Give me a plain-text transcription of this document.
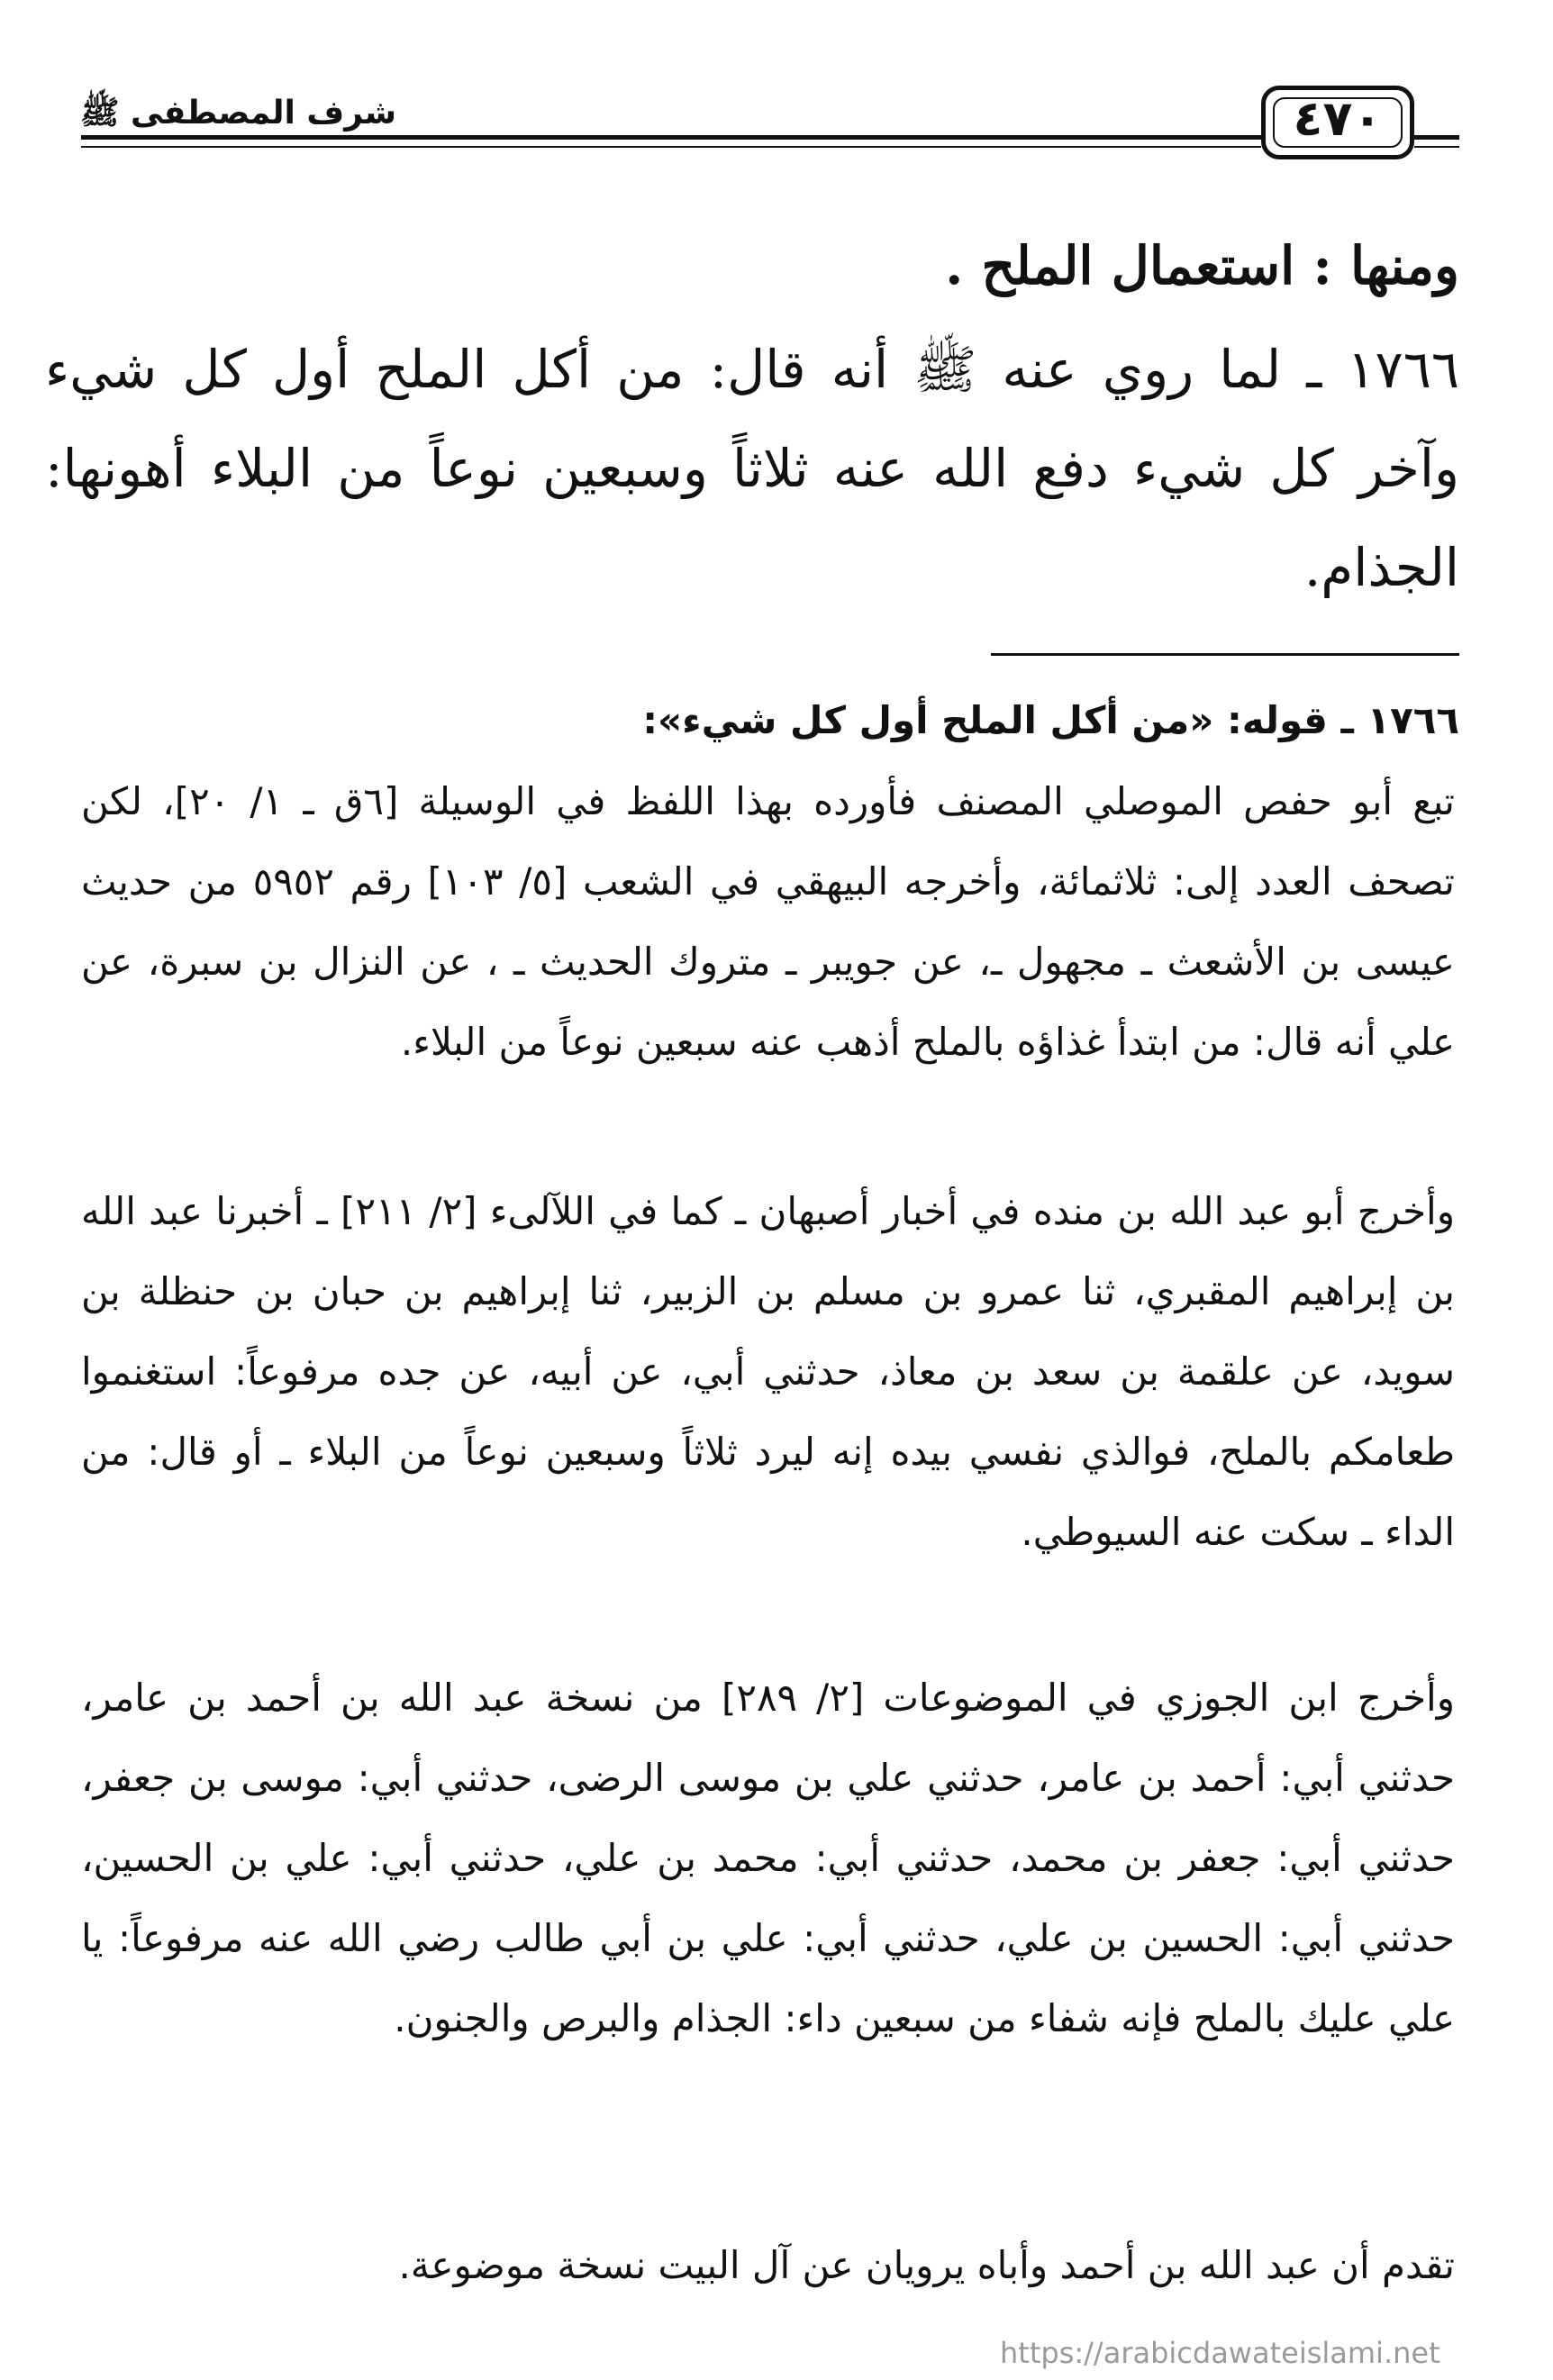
شرف المصطفى ﷺ	٤٧٠
ومنها : استعمال الملح .

١٧٦٦ ـ لما روي عنه ﷺ أنه قال: من أكل الملح أول كل شيء وآخر كل شيء دفع الله عنه ثلاثاً وسبعين نوعاً من البلاء أهونها: الجذام.

١٧٦٦ ـ قوله: «من أكل الملح أول كل شيء»:

تبع أبو حفص الموصلي المصنف فأورده بهذا اللفظ في الوسيلة [٦ق ـ ١/ ٢٠]، لكن تصحف العدد إلى: ثلاثمائة، وأخرجه البيهقي في الشعب [٥/ ١٠٣] رقم ٥٩٥٢ من حديث عيسى بن الأشعث ـ مجهول ـ، عن جويبر ـ متروك الحديث ـ ، عن النزال بن سبرة، عن علي أنه قال: من ابتدأ غذاؤه بالملح أذهب عنه سبعين نوعاً من البلاء.

وأخرج أبو عبد الله بن منده في أخبار أصبهان ـ كما في اللآلىء [٢/ ٢١١] ـ أخبرنا عبد الله بن إبراهيم المقبري، ثنا عمرو بن مسلم بن الزبير، ثنا إبراهيم بن حبان بن حنظلة بن سويد، عن علقمة بن سعد بن معاذ، حدثني أبي، عن أبيه، عن جده مرفوعاً: استغنموا طعامكم بالملح، فوالذي نفسي بيده إنه ليرد ثلاثاً وسبعين نوعاً من البلاء ـ أو قال: من الداء ـ سكت عنه السيوطي.

وأخرج ابن الجوزي في الموضوعات [٢/ ٢٨٩] من نسخة عبد الله بن أحمد بن عامر، حدثني أبي: أحمد بن عامر، حدثني علي بن موسى الرضى، حدثني أبي: موسى بن جعفر، حدثني أبي: جعفر بن محمد، حدثني أبي: محمد بن علي، حدثني أبي: علي بن الحسين، حدثني أبي: الحسين بن علي، حدثني أبي: علي بن أبي طالب رضي الله عنه مرفوعاً: يا علي عليك بالملح فإنه شفاء من سبعين داء: الجذام والبرص والجنون.

تقدم أن عبد الله بن أحمد وأباه يرويان عن آل البيت نسخة موضوعة.

https://arabicdawateislami.net
